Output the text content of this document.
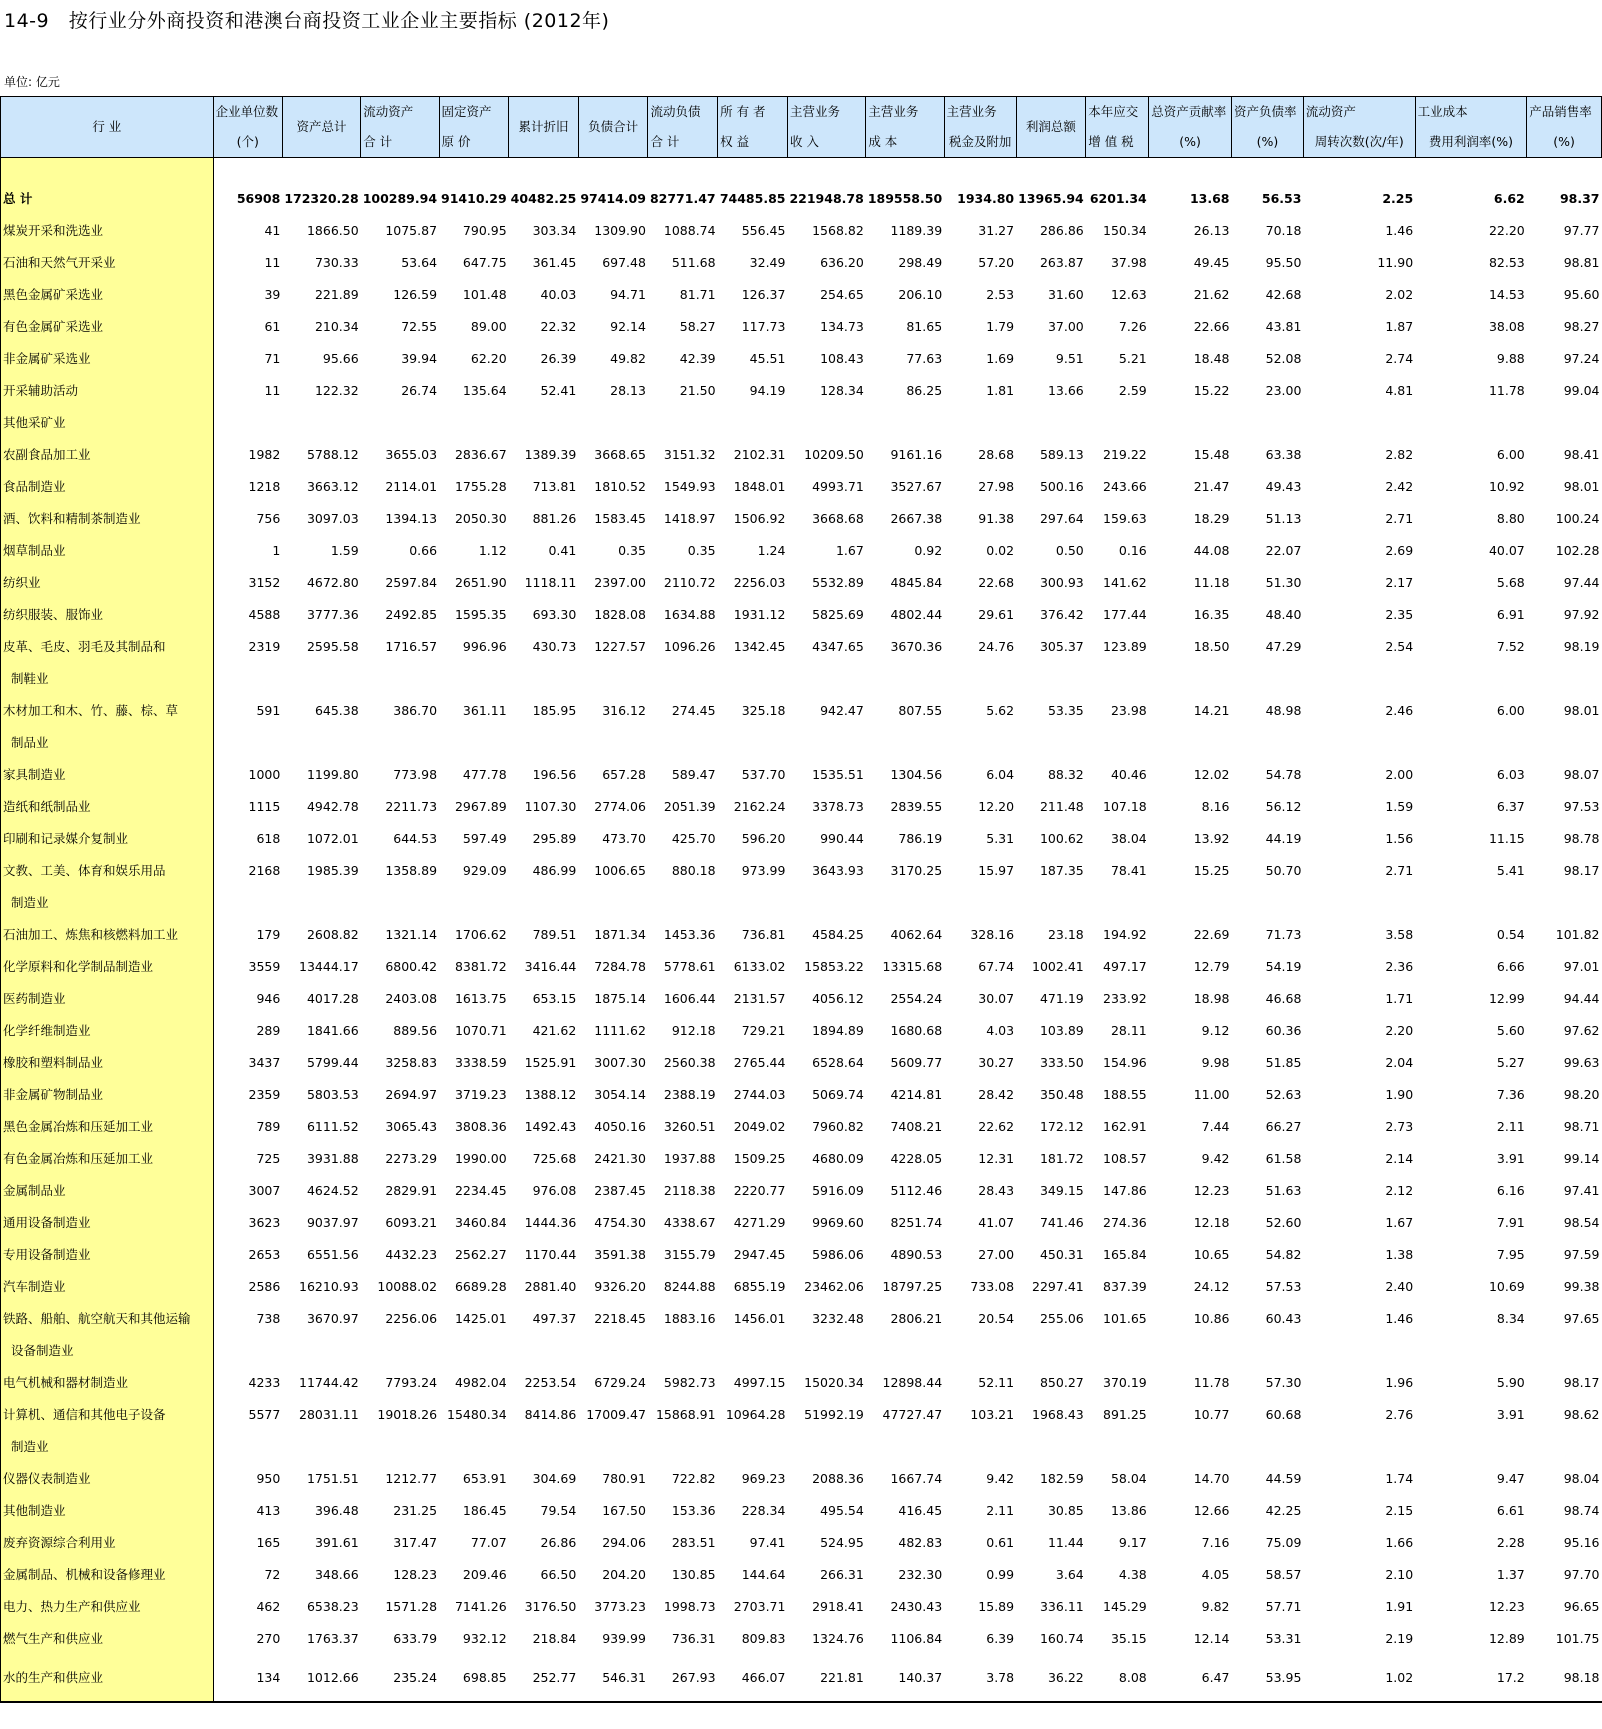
14-9   按行业分外商投资和港澳台商投资工业企业主要指标 (2012年)
单位: 亿元
行 业	企业单位数	资产总计	流动资产	固定资产	累计折旧	负债合计	流动负债	所 有 者	主营业务	主营业务	主营业务	利润总额	本年应交	总资产贡献率	资产负债率	流动资产	工业成本	产品销售率
	(个)		合 计	原 价			合 计	权 益	收 入	成 本	税金及附加		增 值 税	(%)	(%)	周转次数(次/年)	费用利润率(%)	(%)

总 计	56908	172320.28	100289.94	91410.29	40482.25	97414.09	82771.47	74485.85	221948.78	189558.50	1934.80	13965.94	6201.34	13.68	56.53	2.25	6.62	98.37
煤炭开采和洗选业	41	1866.50	1075.87	790.95	303.34	1309.90	1088.74	556.45	1568.82	1189.39	31.27	286.86	150.34	26.13	70.18	1.46	22.20	97.77
石油和天然气开采业	11	730.33	53.64	647.75	361.45	697.48	511.68	32.49	636.20	298.49	57.20	263.87	37.98	49.45	95.50	11.90	82.53	98.81
黑色金属矿采选业	39	221.89	126.59	101.48	40.03	94.71	81.71	126.37	254.65	206.10	2.53	31.60	12.63	21.62	42.68	2.02	14.53	95.60
有色金属矿采选业	61	210.34	72.55	89.00	22.32	92.14	58.27	117.73	134.73	81.65	1.79	37.00	7.26	22.66	43.81	1.87	38.08	98.27
非金属矿采选业	71	95.66	39.94	62.20	26.39	49.82	42.39	45.51	108.43	77.63	1.69	9.51	5.21	18.48	52.08	2.74	9.88	97.24
开采辅助活动	11	122.32	26.74	135.64	52.41	28.13	21.50	94.19	128.34	86.25	1.81	13.66	2.59	15.22	23.00	4.81	11.78	99.04
其他采矿业																		
农副食品加工业	1982	5788.12	3655.03	2836.67	1389.39	3668.65	3151.32	2102.31	10209.50	9161.16	28.68	589.13	219.22	15.48	63.38	2.82	6.00	98.41
食品制造业	1218	3663.12	2114.01	1755.28	713.81	1810.52	1549.93	1848.01	4993.71	3527.67	27.98	500.16	243.66	21.47	49.43	2.42	10.92	98.01
酒、饮料和精制茶制造业	756	3097.03	1394.13	2050.30	881.26	1583.45	1418.97	1506.92	3668.68	2667.38	91.38	297.64	159.63	18.29	51.13	2.71	8.80	100.24
烟草制品业	1	1.59	0.66	1.12	0.41	0.35	0.35	1.24	1.67	0.92	0.02	0.50	0.16	44.08	22.07	2.69	40.07	102.28
纺织业	3152	4672.80	2597.84	2651.90	1118.11	2397.00	2110.72	2256.03	5532.89	4845.84	22.68	300.93	141.62	11.18	51.30	2.17	5.68	97.44
纺织服装、服饰业	4588	3777.36	2492.85	1595.35	693.30	1828.08	1634.88	1931.12	5825.69	4802.44	29.61	376.42	177.44	16.35	48.40	2.35	6.91	97.92
皮革、毛皮、羽毛及其制品和	2319	2595.58	1716.57	996.96	430.73	1227.57	1096.26	1342.45	4347.65	3670.36	24.76	305.37	123.89	18.50	47.29	2.54	7.52	98.19
制鞋业																		
木材加工和木、竹、藤、棕、草	591	645.38	386.70	361.11	185.95	316.12	274.45	325.18	942.47	807.55	5.62	53.35	23.98	14.21	48.98	2.46	6.00	98.01
制品业																		
家具制造业	1000	1199.80	773.98	477.78	196.56	657.28	589.47	537.70	1535.51	1304.56	6.04	88.32	40.46	12.02	54.78	2.00	6.03	98.07
造纸和纸制品业	1115	4942.78	2211.73	2967.89	1107.30	2774.06	2051.39	2162.24	3378.73	2839.55	12.20	211.48	107.18	8.16	56.12	1.59	6.37	97.53
印刷和记录媒介复制业	618	1072.01	644.53	597.49	295.89	473.70	425.70	596.20	990.44	786.19	5.31	100.62	38.04	13.92	44.19	1.56	11.15	98.78
文教、工美、体育和娱乐用品	2168	1985.39	1358.89	929.09	486.99	1006.65	880.18	973.99	3643.93	3170.25	15.97	187.35	78.41	15.25	50.70	2.71	5.41	98.17
制造业																		
石油加工、炼焦和核燃料加工业	179	2608.82	1321.14	1706.62	789.51	1871.34	1453.36	736.81	4584.25	4062.64	328.16	23.18	194.92	22.69	71.73	3.58	0.54	101.82
化学原料和化学制品制造业	3559	13444.17	6800.42	8381.72	3416.44	7284.78	5778.61	6133.02	15853.22	13315.68	67.74	1002.41	497.17	12.79	54.19	2.36	6.66	97.01
医药制造业	946	4017.28	2403.08	1613.75	653.15	1875.14	1606.44	2131.57	4056.12	2554.24	30.07	471.19	233.92	18.98	46.68	1.71	12.99	94.44
化学纤维制造业	289	1841.66	889.56	1070.71	421.62	1111.62	912.18	729.21	1894.89	1680.68	4.03	103.89	28.11	9.12	60.36	2.20	5.60	97.62
橡胶和塑料制品业	3437	5799.44	3258.83	3338.59	1525.91	3007.30	2560.38	2765.44	6528.64	5609.77	30.27	333.50	154.96	9.98	51.85	2.04	5.27	99.63
非金属矿物制品业	2359	5803.53	2694.97	3719.23	1388.12	3054.14	2388.19	2744.03	5069.74	4214.81	28.42	350.48	188.55	11.00	52.63	1.90	7.36	98.20
黑色金属冶炼和压延加工业	789	6111.52	3065.43	3808.36	1492.43	4050.16	3260.51	2049.02	7960.82	7408.21	22.62	172.12	162.91	7.44	66.27	2.73	2.11	98.71
有色金属冶炼和压延加工业	725	3931.88	2273.29	1990.00	725.68	2421.30	1937.88	1509.25	4680.09	4228.05	12.31	181.72	108.57	9.42	61.58	2.14	3.91	99.14
金属制品业	3007	4624.52	2829.91	2234.45	976.08	2387.45	2118.38	2220.77	5916.09	5112.46	28.43	349.15	147.86	12.23	51.63	2.12	6.16	97.41
通用设备制造业	3623	9037.97	6093.21	3460.84	1444.36	4754.30	4338.67	4271.29	9969.60	8251.74	41.07	741.46	274.36	12.18	52.60	1.67	7.91	98.54
专用设备制造业	2653	6551.56	4432.23	2562.27	1170.44	3591.38	3155.79	2947.45	5986.06	4890.53	27.00	450.31	165.84	10.65	54.82	1.38	7.95	97.59
汽车制造业	2586	16210.93	10088.02	6689.28	2881.40	9326.20	8244.88	6855.19	23462.06	18797.25	733.08	2297.41	837.39	24.12	57.53	2.40	10.69	99.38
铁路、船舶、航空航天和其他运输	738	3670.97	2256.06	1425.01	497.37	2218.45	1883.16	1456.01	3232.48	2806.21	20.54	255.06	101.65	10.86	60.43	1.46	8.34	97.65
设备制造业																		
电气机械和器材制造业	4233	11744.42	7793.24	4982.04	2253.54	6729.24	5982.73	4997.15	15020.34	12898.44	52.11	850.27	370.19	11.78	57.30	1.96	5.90	98.17
计算机、通信和其他电子设备	5577	28031.11	19018.26	15480.34	8414.86	17009.47	15868.91	10964.28	51992.19	47727.47	103.21	1968.43	891.25	10.77	60.68	2.76	3.91	98.62
制造业																		
仪器仪表制造业	950	1751.51	1212.77	653.91	304.69	780.91	722.82	969.23	2088.36	1667.74	9.42	182.59	58.04	14.70	44.59	1.74	9.47	98.04
其他制造业	413	396.48	231.25	186.45	79.54	167.50	153.36	228.34	495.54	416.45	2.11	30.85	13.86	12.66	42.25	2.15	6.61	98.74
废弃资源综合利用业	165	391.61	317.47	77.07	26.86	294.06	283.51	97.41	524.95	482.83	0.61	11.44	9.17	7.16	75.09	1.66	2.28	95.16
金属制品、机械和设备修理业	72	348.66	128.23	209.46	66.50	204.20	130.85	144.64	266.31	232.30	0.99	3.64	4.38	4.05	58.57	2.10	1.37	97.70
电力、热力生产和供应业	462	6538.23	1571.28	7141.26	3176.50	3773.23	1998.73	2703.71	2918.41	2430.43	15.89	336.11	145.29	9.82	57.71	1.91	12.23	96.65
燃气生产和供应业	270	1763.37	633.79	932.12	218.84	939.99	736.31	809.83	1324.76	1106.84	6.39	160.74	35.15	12.14	53.31	2.19	12.89	101.75
水的生产和供应业	134	1012.66	235.24	698.85	252.77	546.31	267.93	466.07	221.81	140.37	3.78	36.22	8.08	6.47	53.95	1.02	17.2	98.18
